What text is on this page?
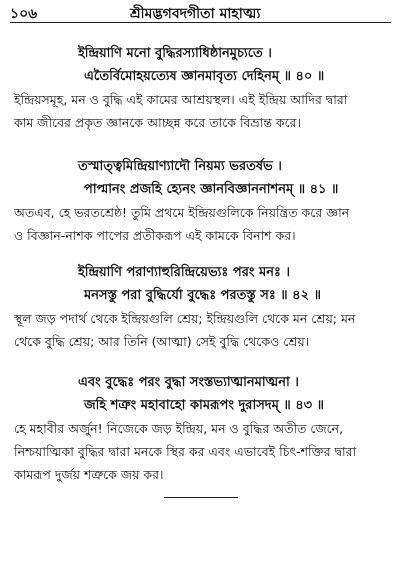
১০৬	শ্রীমদ্ভগবদগীতা মাহাত্ম্য
ইন্দ্রিয়াণি মনো বুদ্ধিরস্যাধিষ্ঠানমুচ্যতে ।
এতৈর্বিমোহয়ত্যেষ জ্ঞানমাবৃত্য দেহিনম্ ॥ ৪০ ॥
ইন্দ্রিয়সমূহ, মন ও বুদ্ধি এই কামের আশ্রয়স্থল। এই ইন্দ্রিয় আদির দ্বারা
কাম জীবের প্রকৃত জ্ঞানকে আচ্ছন্ন করে তাকে বিভ্রান্ত করে।
তস্মাত্ত্বমিন্দ্রিয়াণ্যাদৌ নিয়ম্য ভরতর্ষভ ।
পাপ্মানং প্রজহি হ্যেনং জ্ঞানবিজ্ঞাননাশনম্ ॥ ৪১ ॥
অতএব, হে ভরতশ্রেষ্ঠ! তুমি প্রথমে ইন্দ্রিয়গুলিকে নিয়ন্ত্রিত করে জ্ঞান
ও বিজ্ঞান-নাশক পাপের প্রতীকরূপ এই কামকে বিনাশ কর।
ইন্দ্রিয়াণি পরাণ্যাহুরিন্দ্রিয়েভ্যঃ পরং মনঃ ।
মনসস্তু পরা বুদ্ধির্যো বুদ্ধেঃ পরতস্তু সঃ ॥ ৪২ ॥
স্থূল জড় পদার্থ থেকে ইন্দ্রিয়গুলি শ্রেয়; ইন্দ্রিয়গুলি থেকে মন শ্রেয়; মন
থেকে বুদ্ধি শ্রেয়; আর তিনি (আত্মা) সেই বুদ্ধি থেকেও শ্রেয়।
এবং বুদ্ধেঃ পরং বুদ্ধা সংস্তভ্যাত্মানমাত্মনা ।
জহি শত্রুং মহাবাহো কামরূপং দুরাসদম্ ॥ ৪৩ ॥
হে মহাবীর অর্জুন! নিজেকে জড় ইন্দ্রিয়, মন ও বুদ্ধির অতীত জেনে,
নিশ্চয়াত্মিকা বুদ্ধির দ্বারা মনকে স্থির কর এবং এভাবেই চিৎ-শক্তির দ্বারা
কামরূপ দুর্জয় শত্রুকে জয় কর।
